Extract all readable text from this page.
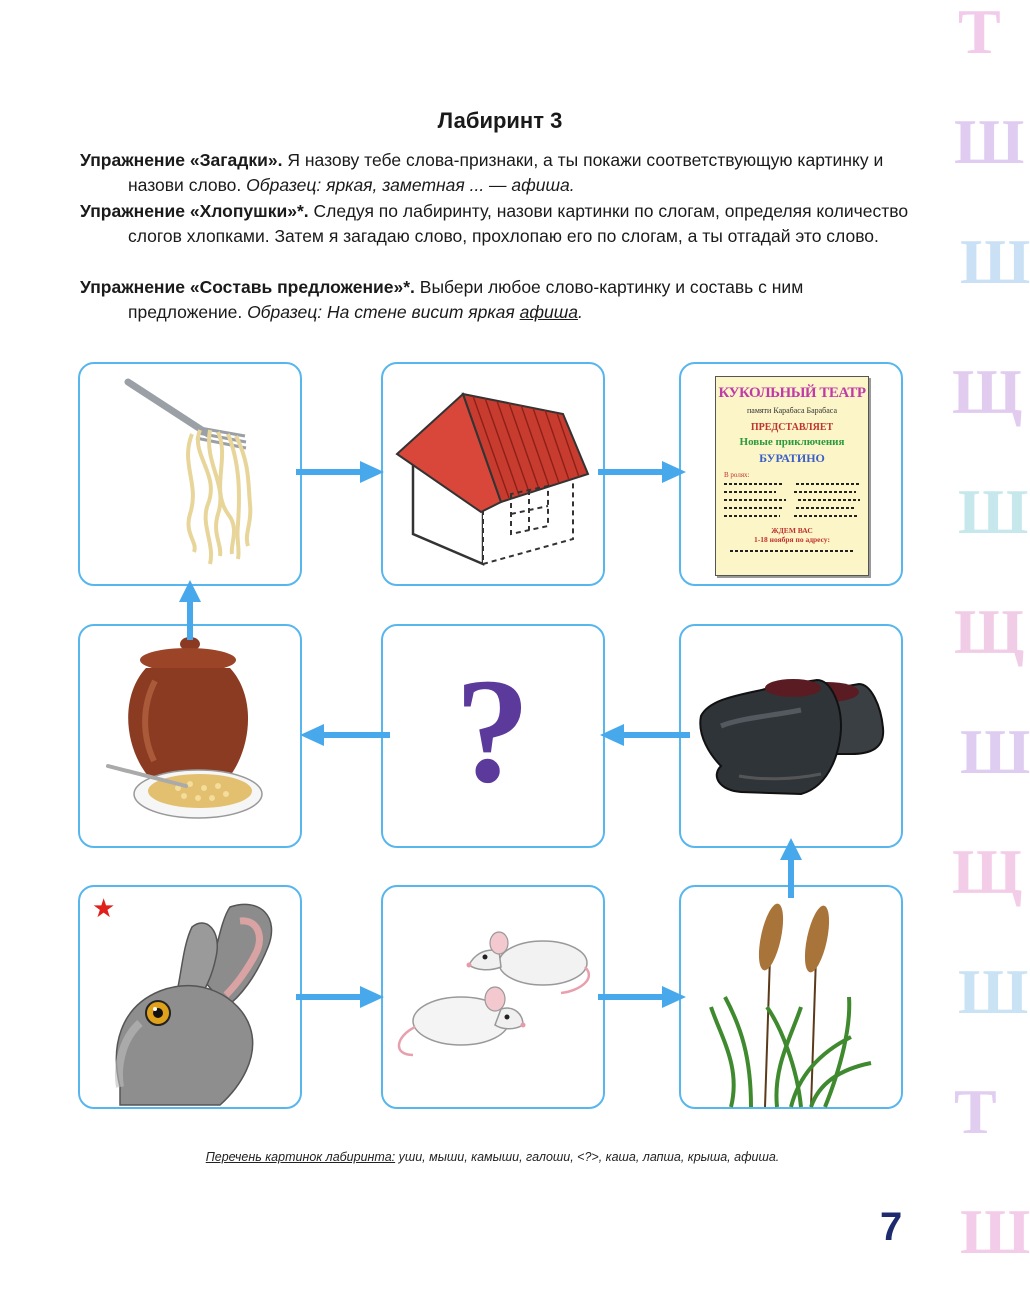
Т
Ш
Ш
Щ
Ш
Щ
Ш
Щ
Ш
Т
Ш
Лабиринт 3
Упражнение «Загадки». Я назову тебе слова-признаки, а ты покажи соответствующую картинку и назови слово. Образец: яркая, заметная ... — афиша.
Упражнение «Хлопушки»*. Следуя по лабиринту, назови картинки по слогам, определяя количество слогов хлопками. Затем я загадаю слово, прохлопаю его по слогам, а ты отгадай это слово.
Упражнение «Составь предложение»*. Выбери любое слово-картинку и составь с ним предложение. Образец: На стене висит яркая афиша.
КУКОЛЬНЫЙ ТЕАТР
памяти Карабаса Барабаса
ПРЕДСТАВЛЯЕТ
Новые приключения
БУРАТИНО
В ролях:
ЖДЕМ ВАС
1-18 ноября по адресу:
?
★
Перечень картинок лабиринта: уши, мыши, камыши, галоши, <?>, каша, лапша, крыша, афиша.
7
